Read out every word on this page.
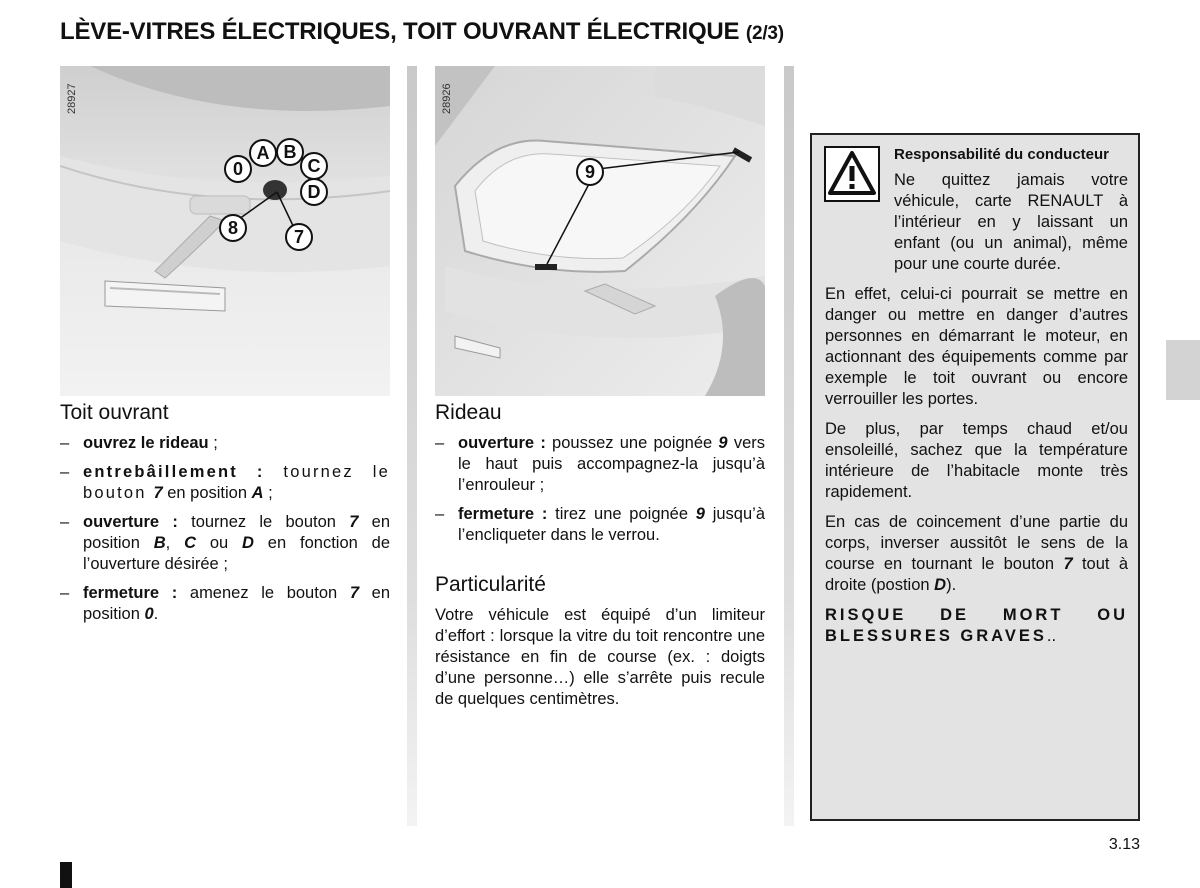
LÈVE-VITRES ÉLECTRIQUES, TOIT OUVRANT ÉLECTRIQUE (2/3)
28927
0
A B
C
D
8	7
28926
9
Toit ouvrant
– ouvrez le rideau ;
– entrebâillement : tournez le bouton 7 en position A ;
– ouverture : tournez le bouton 7 en position B, C ou D en fonction de l’ouverture désirée ;
– fermeture : amenez le bouton 7 en position 0.
Rideau
– ouverture : poussez une poignée 9 vers le haut puis accompagnez-la jusqu’à l’enrouleur ;
– fermeture : tirez une poignée 9 jusqu’à l’encliqueter dans le verrou.
Particularité

Votre véhicule est équipé d’un limiteur d’effort : lorsque la vitre du toit rencontre une résistance en fin de course (ex. : doigts d’une personne…) elle s’arrête puis recule de quelques centimètres.

Responsabilité du conducteur

Ne quittez jamais votre véhicule, carte RENAULT à l’intérieur en y laissant un enfant (ou un animal), même pour une courte durée.

En effet, celui-ci pourrait se mettre en danger ou mettre en danger d’autres personnes en démarrant le moteur, en actionnant des équipements comme par exemple le toit ouvrant ou encore verrouiller les portes.

De plus, par temps chaud et/ou ensoleillé, sachez que la température intérieure de l’habitacle monte très rapidement.

En cas de coincement d’une partie du corps, inverser aussitôt le sens de la course en tournant le bouton 7 tout à droite (postion D).

RISQUE DE MORT OU BLESSURES GRAVES..

3.13
